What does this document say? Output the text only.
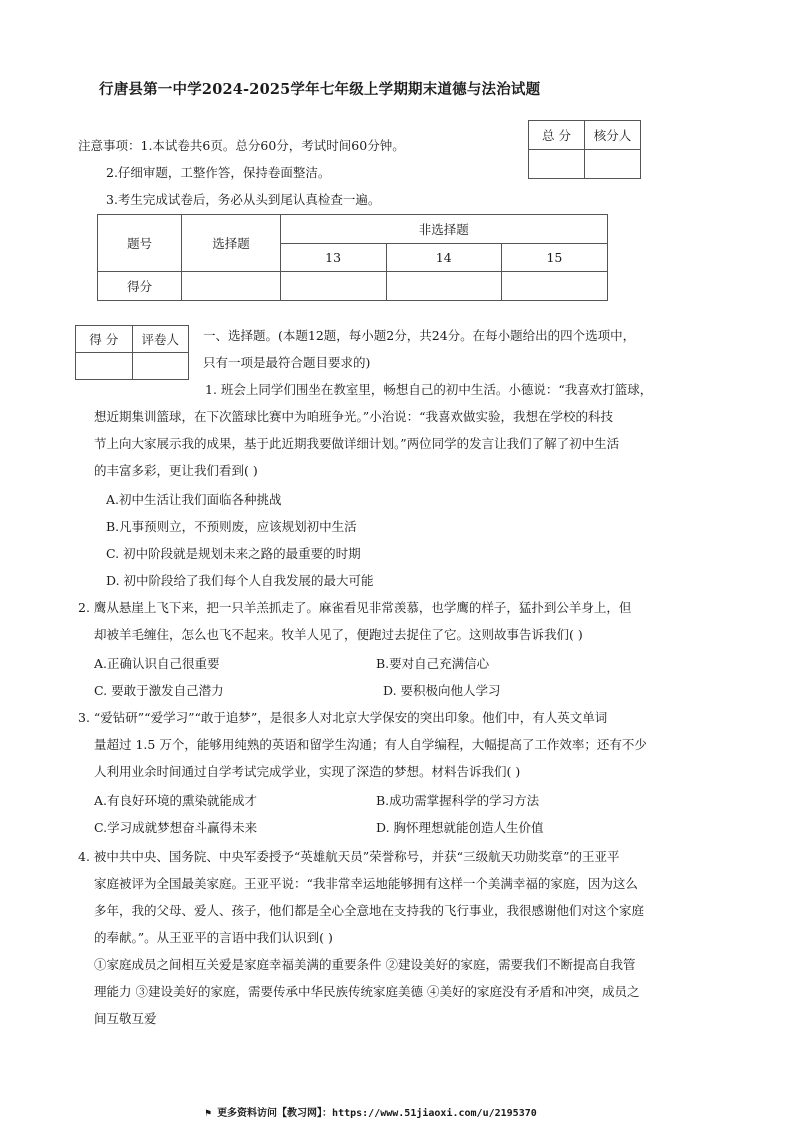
行唐县第一中学2024-2025学年七年级上学期期末道德与法治试题
注意事项：1.本试卷共6页。总分60分，考试时间60分钟。
2.仔细审题，工整作答，保持卷面整洁。
3.考生完成试卷后，务必从头到尾认真检查一遍。
总 分	核分人

题号	选择题	非选择题		
		13	14	15
得分				
得 分	评卷人
	一、选择题。(本题12题，每小题2分，共24分。在每小题给出的四个选项中，
只有一项是最符合题目要求的)
1. 班会上同学们围坐在教室里，畅想自己的初中生活。小德说：“我喜欢打篮球，
想近期集训篮球，在下次篮球比赛中为咱班争光。”小治说：“我喜欢做实验，我想在学校的科技
节上向大家展示我的成果，基于此近期我要做详细计划。”两位同学的发言让我们了解了初中生活
的丰富多彩，更让我们看到( )
A.初中生活让我们面临各种挑战
B.凡事预则立，不预则废，应该规划初中生活
C. 初中阶段就是规划未来之路的最重要的时期
D. 初中阶段给了我们每个人自我发展的最大可能
2. 鹰从悬崖上飞下来，把一只羊羔抓走了。麻雀看见非常羡慕，也学鹰的样子，猛扑到公羊身上，但
却被羊毛缠住，怎么也飞不起来。牧羊人见了，便跑过去捉住了它。这则故事告诉我们( )
A.正确认识自己很重要	B.要对自己充满信心
C. 要敢于激发自己潜力	D. 要积极向他人学习
3. “爱钻研”“爱学习”“敢于追梦”，是很多人对北京大学保安的突出印象。他们中，有人英文单词
量超过 1.5 万个，能够用纯熟的英语和留学生沟通；有人自学编程，大幅提高了工作效率；还有不少
人利用业余时间通过自学考试完成学业，实现了深造的梦想。材料告诉我们( )
A.有良好环境的熏染就能成才	B.成功需掌握科学的学习方法
C.学习成就梦想奋斗赢得未来	D. 胸怀理想就能创造人生价值
4. 被中共中央、国务院、中央军委授予“英雄航天员”荣誉称号，并获“三级航天功勋奖章”的王亚平
家庭被评为全国最美家庭。王亚平说：“我非常幸运地能够拥有这样一个美满幸福的家庭，因为这么
多年，我的父母、爱人、孩子，他们都是全心全意地在支持我的飞行事业，我很感谢他们对这个家庭
的奉献。”。从王亚平的言语中我们认识到( )
①家庭成员之间相互关爱是家庭幸福美满的重要条件 ②建设美好的家庭，需要我们不断提高自我管
理能力 ③建设美好的家庭，需要传承中华民族传统家庭美德 ④美好的家庭没有矛盾和冲突，成员之
间互敬互爱
⚑ 更多资料访问【教习网】：https://www.51jiaoxi.com/u/2195370
